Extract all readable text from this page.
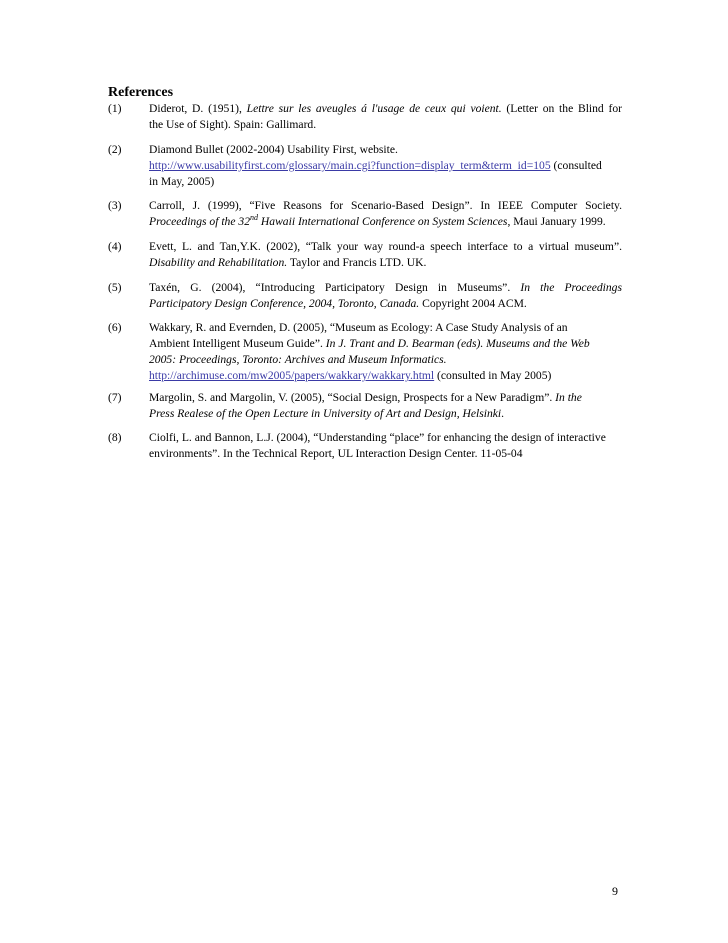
References
(1) Diderot, D. (1951), Lettre sur les aveugles á l'usage de ceux qui voient. (Letter on the Blind for
the Use of Sight). Spain: Gallimard.
(2) Diamond Bullet (2002-2004) Usability First, website.
http://www.usabilityfirst.com/glossary/main.cgi?function=display_term&term_id=105 (consulted
in May, 2005)
(3) Carroll, J. (1999), “Five Reasons for Scenario-Based Design”. In IEEE Computer Society.
Proceedings of the 32nd Hawaii International Conference on System Sciences, Maui January 1999.
(4) Evett, L. and Tan,Y.K. (2002), “Talk your way round-a speech interface to a virtual museum”.
Disability and Rehabilitation. Taylor and Francis LTD. UK.
(5) Taxén, G. (2004), “Introducing Participatory Design in Museums”. In the Proceedings
Participatory Design Conference, 2004, Toronto, Canada. Copyright 2004 ACM.
(6) Wakkary, R. and Evernden, D. (2005), “Museum as Ecology: A Case Study Analysis of an
Ambient Intelligent Museum Guide”. In J. Trant and D. Bearman (eds). Museums and the Web
2005: Proceedings, Toronto: Archives and Museum Informatics.
http://archimuse.com/mw2005/papers/wakkary/wakkary.html (consulted in May 2005)
(7) Margolin, S. and Margolin, V. (2005), “Social Design, Prospects for a New Paradigm”. In the
Press Realese of the Open Lecture in University of Art and Design, Helsinki.
(8) Ciolfi, L. and Bannon, L.J. (2004), “Understanding “place” for enhancing the design of interactive
environments”. In the Technical Report, UL Interaction Design Center. 11-05-04
9
